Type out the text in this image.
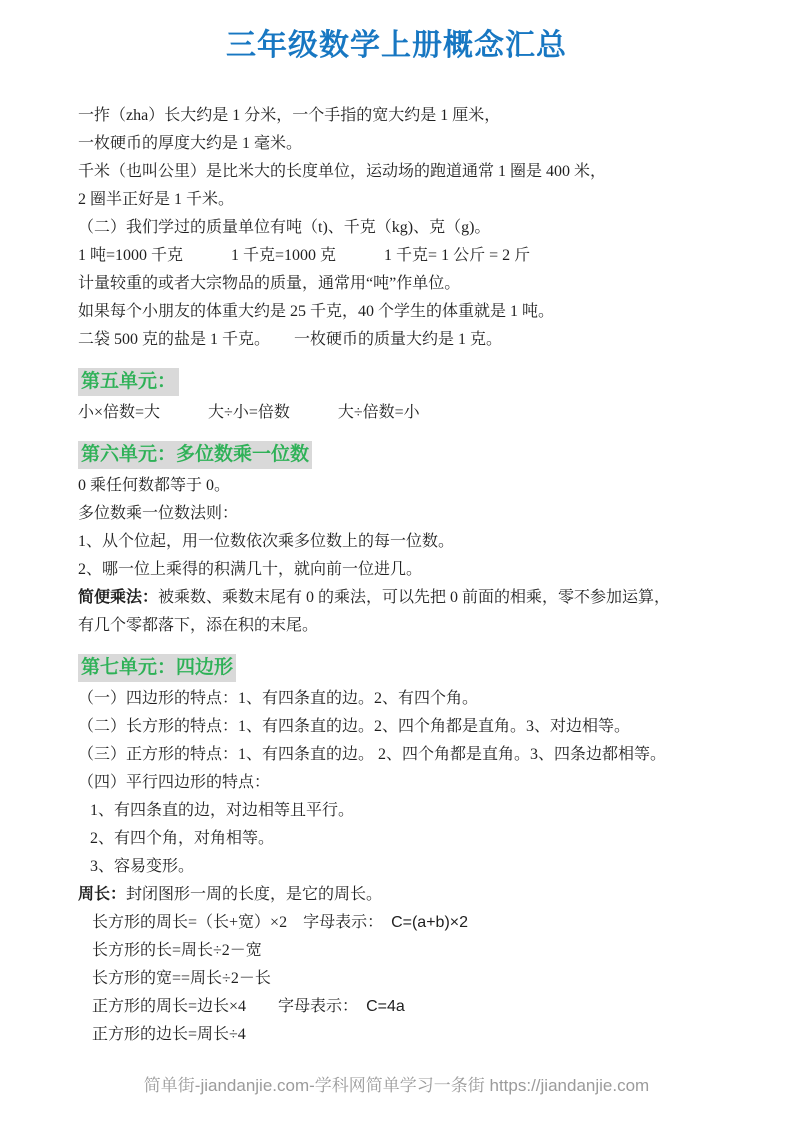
三年级数学上册概念汇总
一拃（zha）长大约是 1 分米，一个手指的宽大约是 1 厘米，
一枚硬币的厚度大约是 1 毫米。
千米（也叫公里）是比米大的长度单位，运动场的跑道通常 1 圈是 400 米，
2 圈半正好是 1 千米。
（二）我们学过的质量单位有吨（t)、千克（kg)、克（g)。
1 吨=1000 千克　　　1 千克=1000 克　　　1 千克= 1 公斤 = 2 斤
计量较重的或者大宗物品的质量，通常用“吨”作单位。
如果每个小朋友的体重大约是 25 千克，40 个学生的体重就是 1 吨。
二袋 500 克的盐是 1 千克。　　一枚硬币的质量大约是 1 克。
第五单元：
小×倍数=大　　　大÷小=倍数　　　大÷倍数=小
第六单元：多位数乘一位数
0 乘任何数都等于 0。
多位数乘一位数法则：
1、从个位起，用一位数依次乘多位数上的每一位数。
2、哪一位上乘得的积满几十，就向前一位进几。
简便乘法：被乘数、乘数末尾有 0 的乘法，可以先把 0 前面的相乘，零不参加运算，
有几个零都落下，添在积的末尾。
第七单元：四边形
（一）四边形的特点：1、有四条直的边。2、有四个角。
（二）长方形的特点：1、有四条直的边。2、四个角都是直角。3、对边相等。
（三）正方形的特点：1、有四条直的边。 2、四个角都是直角。3、四条边都相等。
（四）平行四边形的特点：
1、有四条直的边，对边相等且平行。
2、有四个角，对角相等。
3、容易变形。
周长：封闭图形一周的长度，是它的周长。
长方形的周长=（长+宽）×2　字母表示：　C=(a+b)×2
长方形的长=周长÷2－宽
长方形的宽==周长÷2－长
正方形的周长=边长×4　　字母表示：　C=4a
正方形的边长=周长÷4
简单街-jiandanjie.com-学科网简单学习一条街 https://jiandanjie.com
